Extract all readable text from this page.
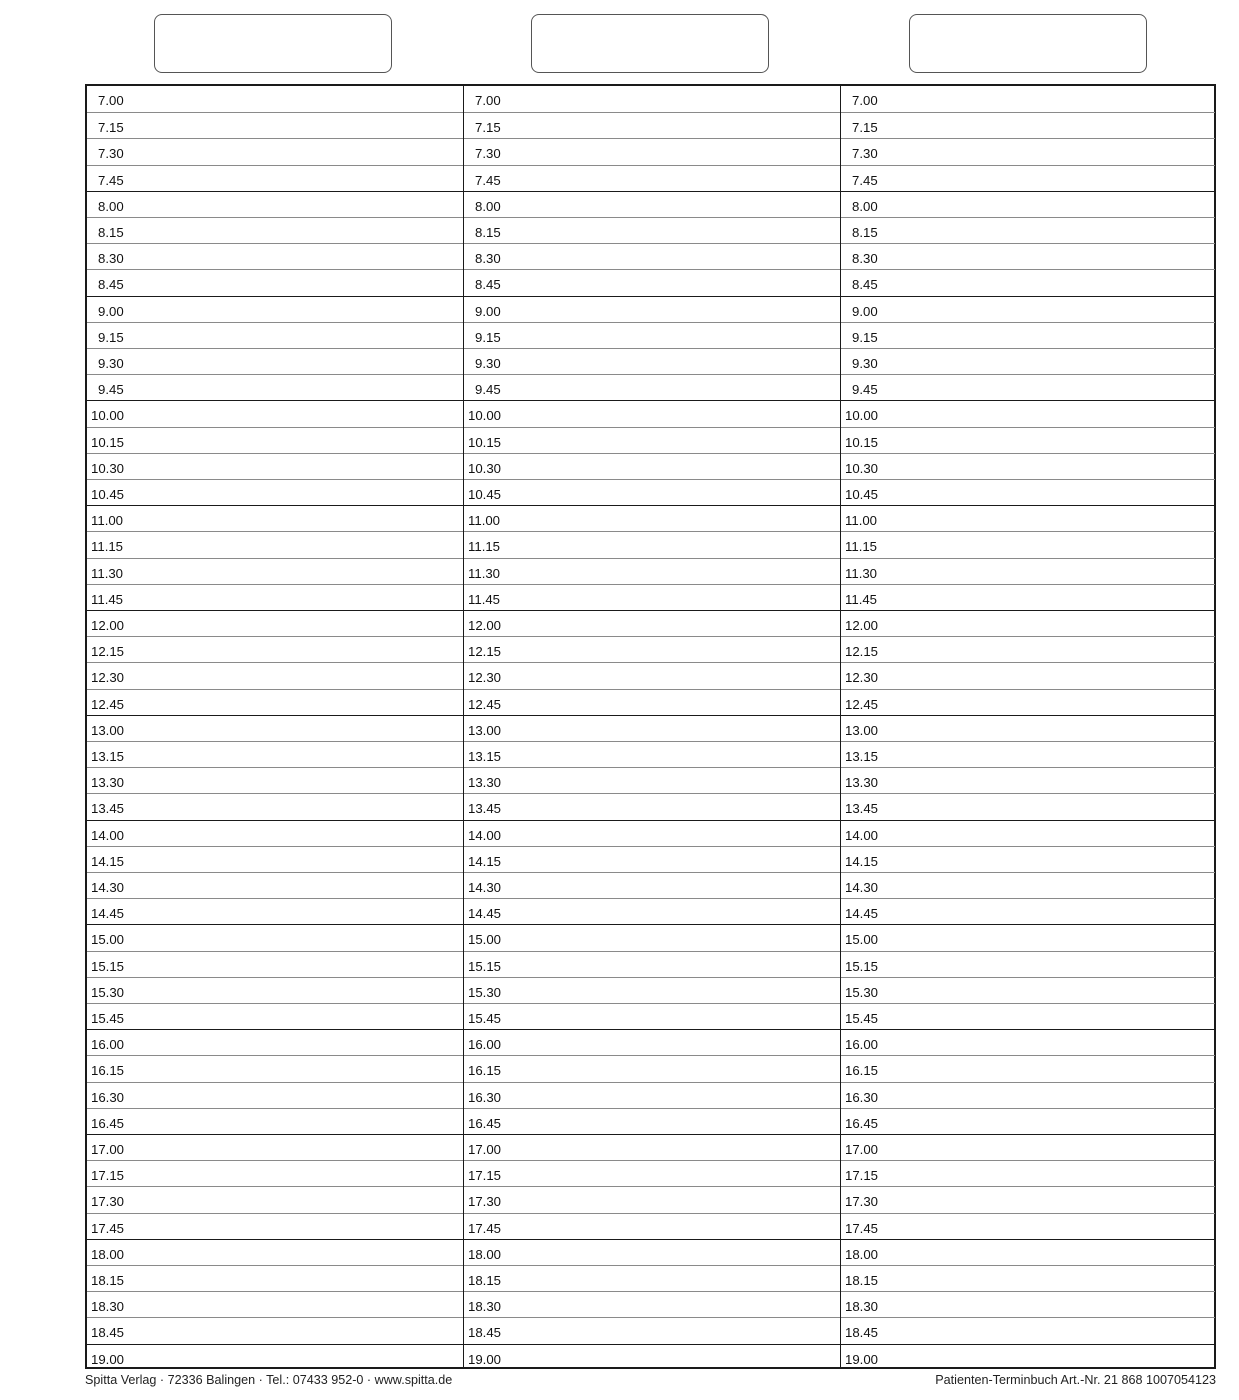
7.00
7.15
7.30
7.45
8.00
8.15
8.30
8.45
9.00
9.15
9.30
9.45
10.00
10.15
10.30
10.45
11.00
11.15
11.30
11.45
12.00
12.15
12.30
12.45
13.00
13.15
13.30
13.45
14.00
14.15
14.30
14.45
15.00
15.15
15.30
15.45
16.00
16.15
16.30
16.45
17.00
17.15
17.30
17.45
18.00
18.15
18.30
18.45
19.00
7.00
7.15
7.30
7.45
8.00
8.15
8.30
8.45
9.00
9.15
9.30
9.45
10.00
10.15
10.30
10.45
11.00
11.15
11.30
11.45
12.00
12.15
12.30
12.45
13.00
13.15
13.30
13.45
14.00
14.15
14.30
14.45
15.00
15.15
15.30
15.45
16.00
16.15
16.30
16.45
17.00
17.15
17.30
17.45
18.00
18.15
18.30
18.45
19.00
7.00
7.15
7.30
7.45
8.00
8.15
8.30
8.45
9.00
9.15
9.30
9.45
10.00
10.15
10.30
10.45
11.00
11.15
11.30
11.45
12.00
12.15
12.30
12.45
13.00
13.15
13.30
13.45
14.00
14.15
14.30
14.45
15.00
15.15
15.30
15.45
16.00
16.15
16.30
16.45
17.00
17.15
17.30
17.45
18.00
18.15
18.30
18.45
19.00
Spitta Verlag · 72336 Balingen · Tel.: 07433 952-0 · www.spitta.de	Patienten-Terminbuch Art.-Nr. 21 868 1007054123
